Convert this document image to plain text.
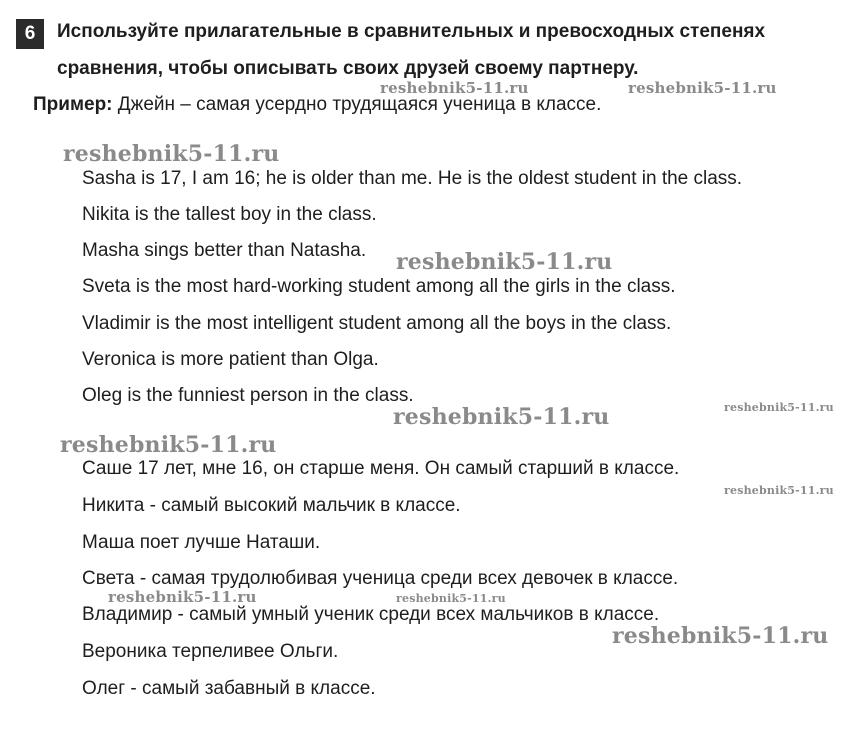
6	Используйте прилагательные в сравнительных и превосходных степенях
сравнения, чтобы описывать своих друзей своему партнеру.
Пример: Джейн – самая усердно трудящаяся ученица в классе.
Sasha is 17, I am 16; he is older than me. He is the oldest student in the class.
Nikita is the tallest boy in the class.
Masha sings better than Natasha.
Sveta is the most hard-working student among all the girls in the class.
Vladimir is the most intelligent student among all the boys in the class.
Veronica is more patient than Olga.
Oleg is the funniest person in the class.
Саше 17 лет, мне 16, он старше меня. Он самый старший в классе.
Никита - самый высокий мальчик в классе.
Маша поет лучше Наташи.
Света - самая трудолюбивая ученица среди всех девочек в классе.
Владимир - самый умный ученик среди всех мальчиков в классе.
Вероника терпеливее Ольги.
Олег - самый забавный в классе.
reshebnik5-11.ru	reshebnik5-11.ru
reshebnik5-11.ru
reshebnik5-11.ru
reshebnik5-11.ru	reshebnik5-11.ru
reshebnik5-11.ru
reshebnik5-11.ru
reshebnik5-11.ru	reshebnik5-11.ru
reshebnik5-11.ru
